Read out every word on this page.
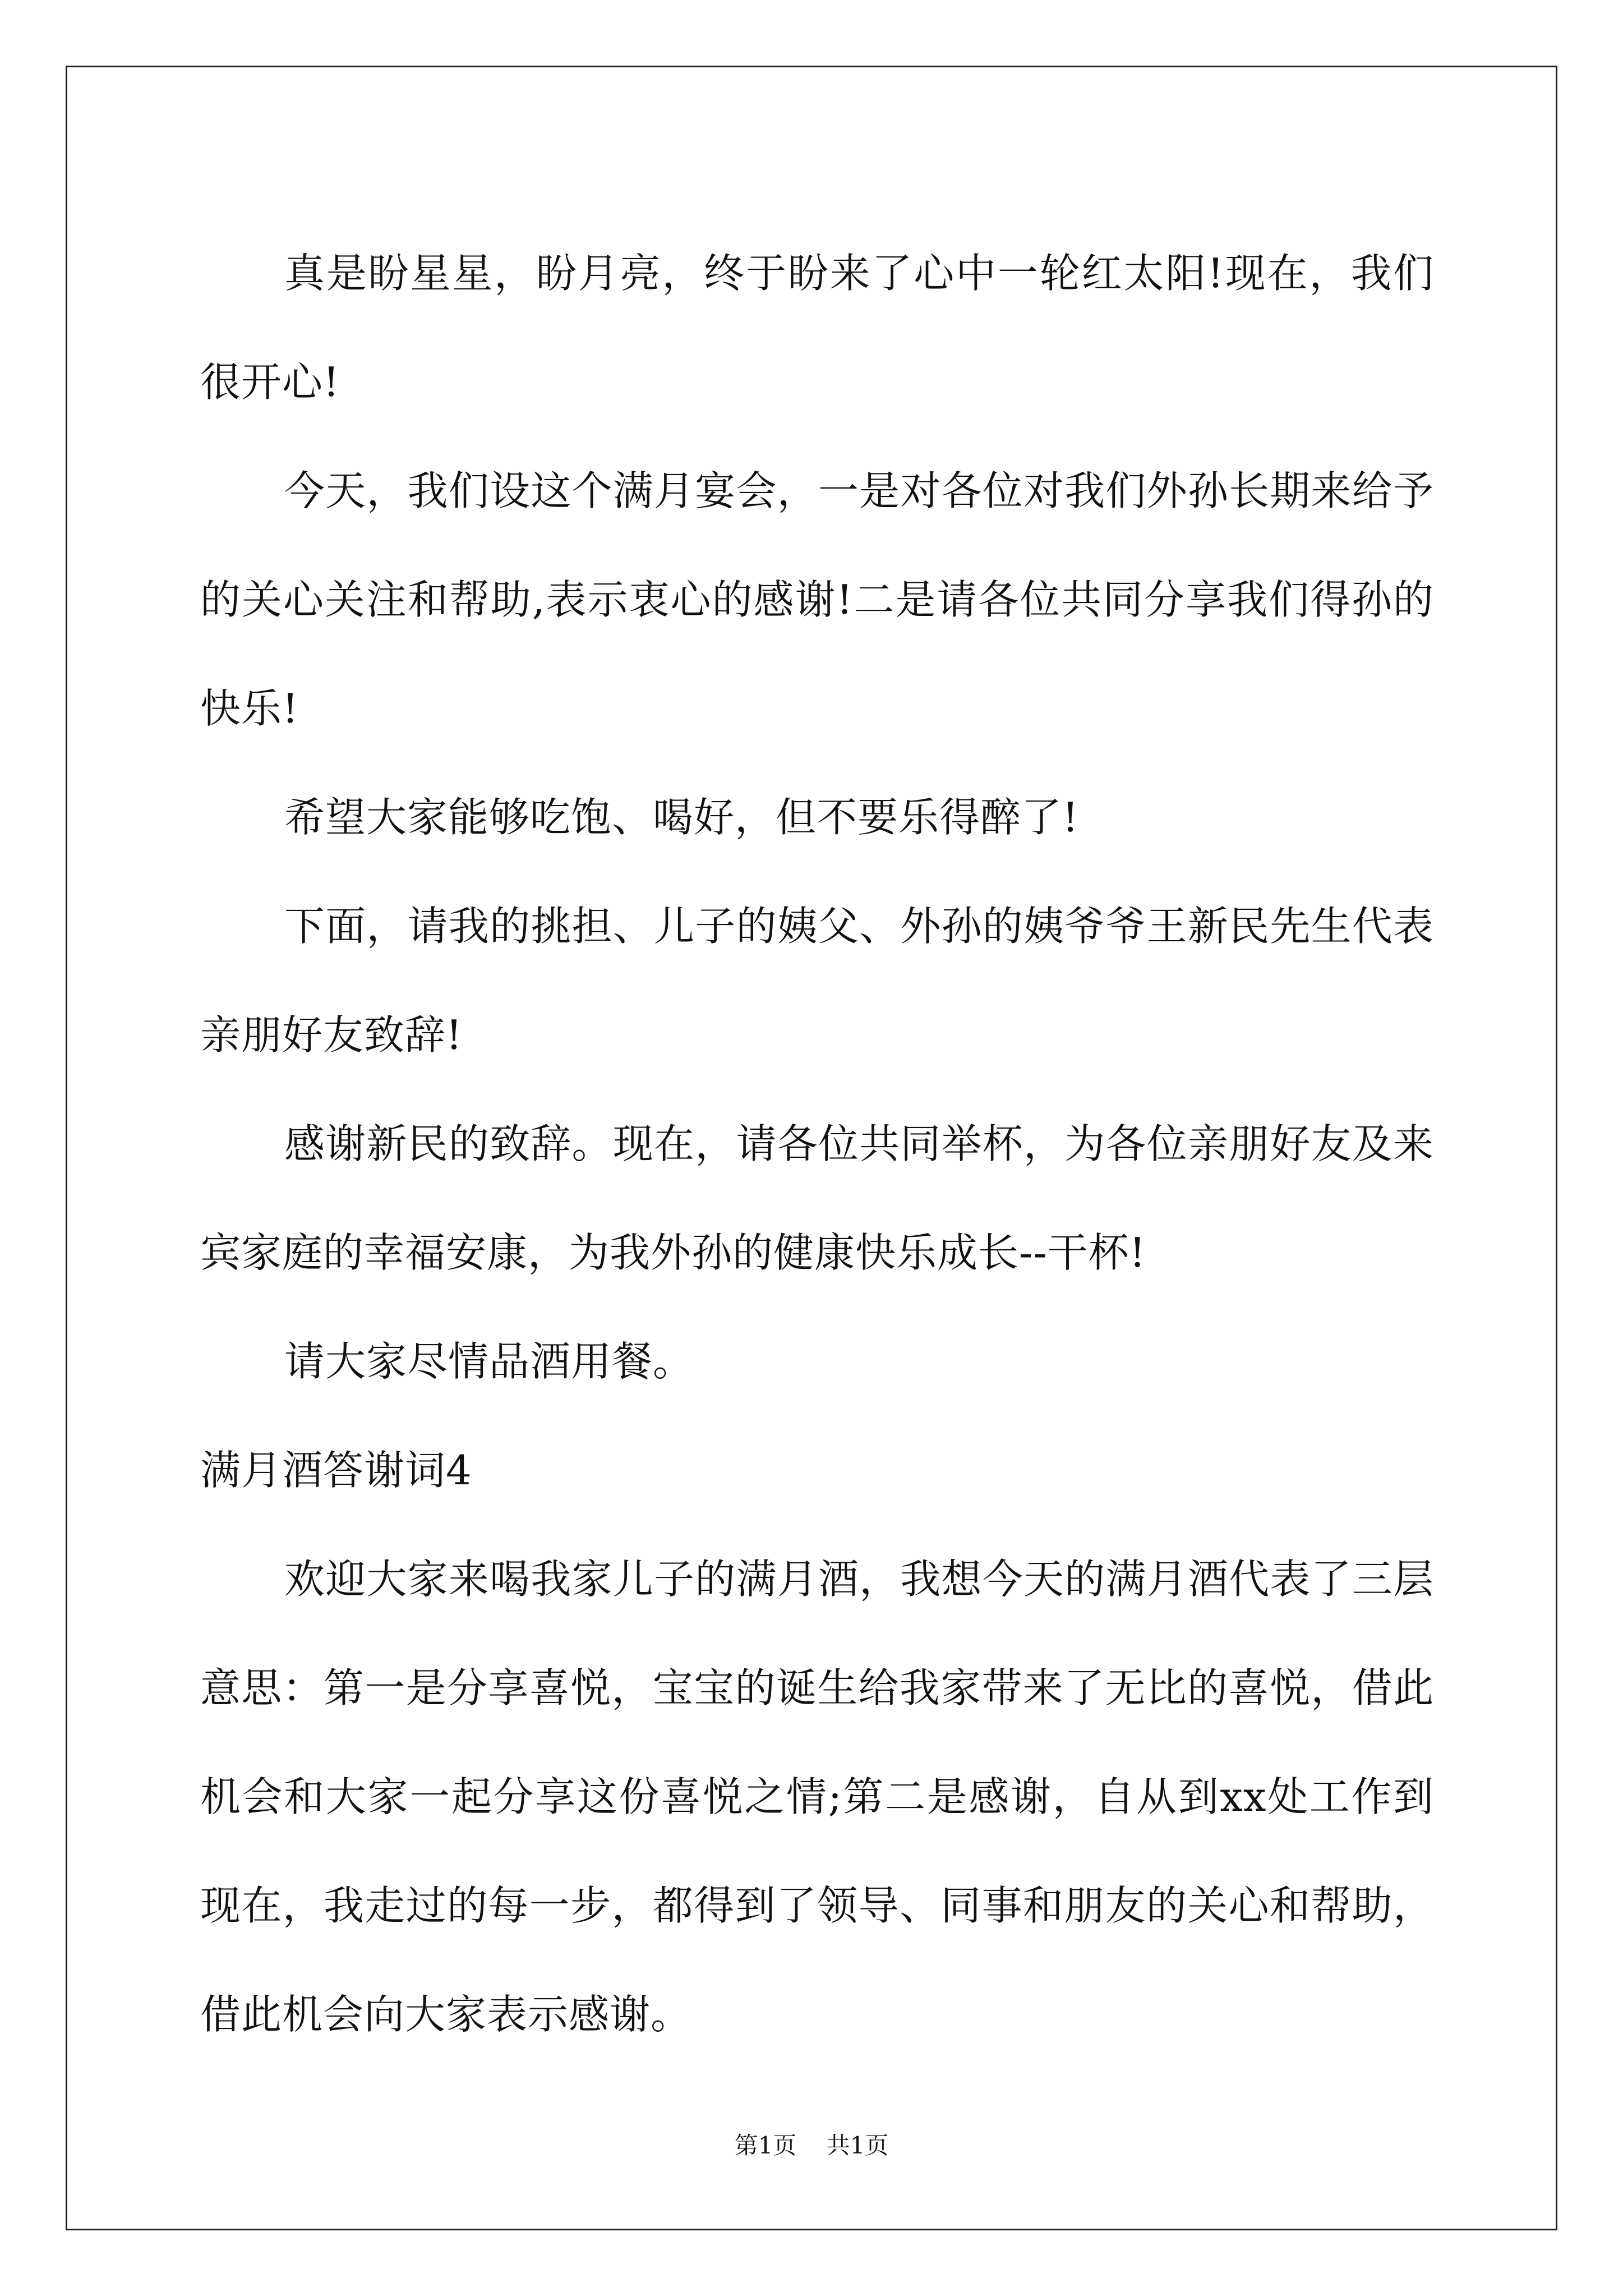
真是盼星星，盼月亮，终于盼来了心中一轮红太阳!现在，我们很开心!

今天，我们设这个满月宴会，一是对各位对我们外孙长期来给予的关心关注和帮助,表示衷心的感谢!二是请各位共同分享我们得孙的快乐!

希望大家能够吃饱、喝好，但不要乐得醉了!

下面，请我的挑担、儿子的姨父、外孙的姨爷爷王新民先生代表亲朋好友致辞!

感谢新民的致辞。现在，请各位共同举杯，为各位亲朋好友及来宾家庭的幸福安康，为我外孙的健康快乐成长--干杯!

请大家尽情品酒用餐。

满月酒答谢词4

欢迎大家来喝我家儿子的满月酒，我想今天的满月酒代表了三层意思：第一是分享喜悦，宝宝的诞生给我家带来了无比的喜悦，借此机会和大家一起分享这份喜悦之情;第二是感谢，自从到xx处工作到现在，我走过的每一步，都得到了领导、同事和朋友的关心和帮助，借此机会向大家表示感谢。

第1页 共1页
